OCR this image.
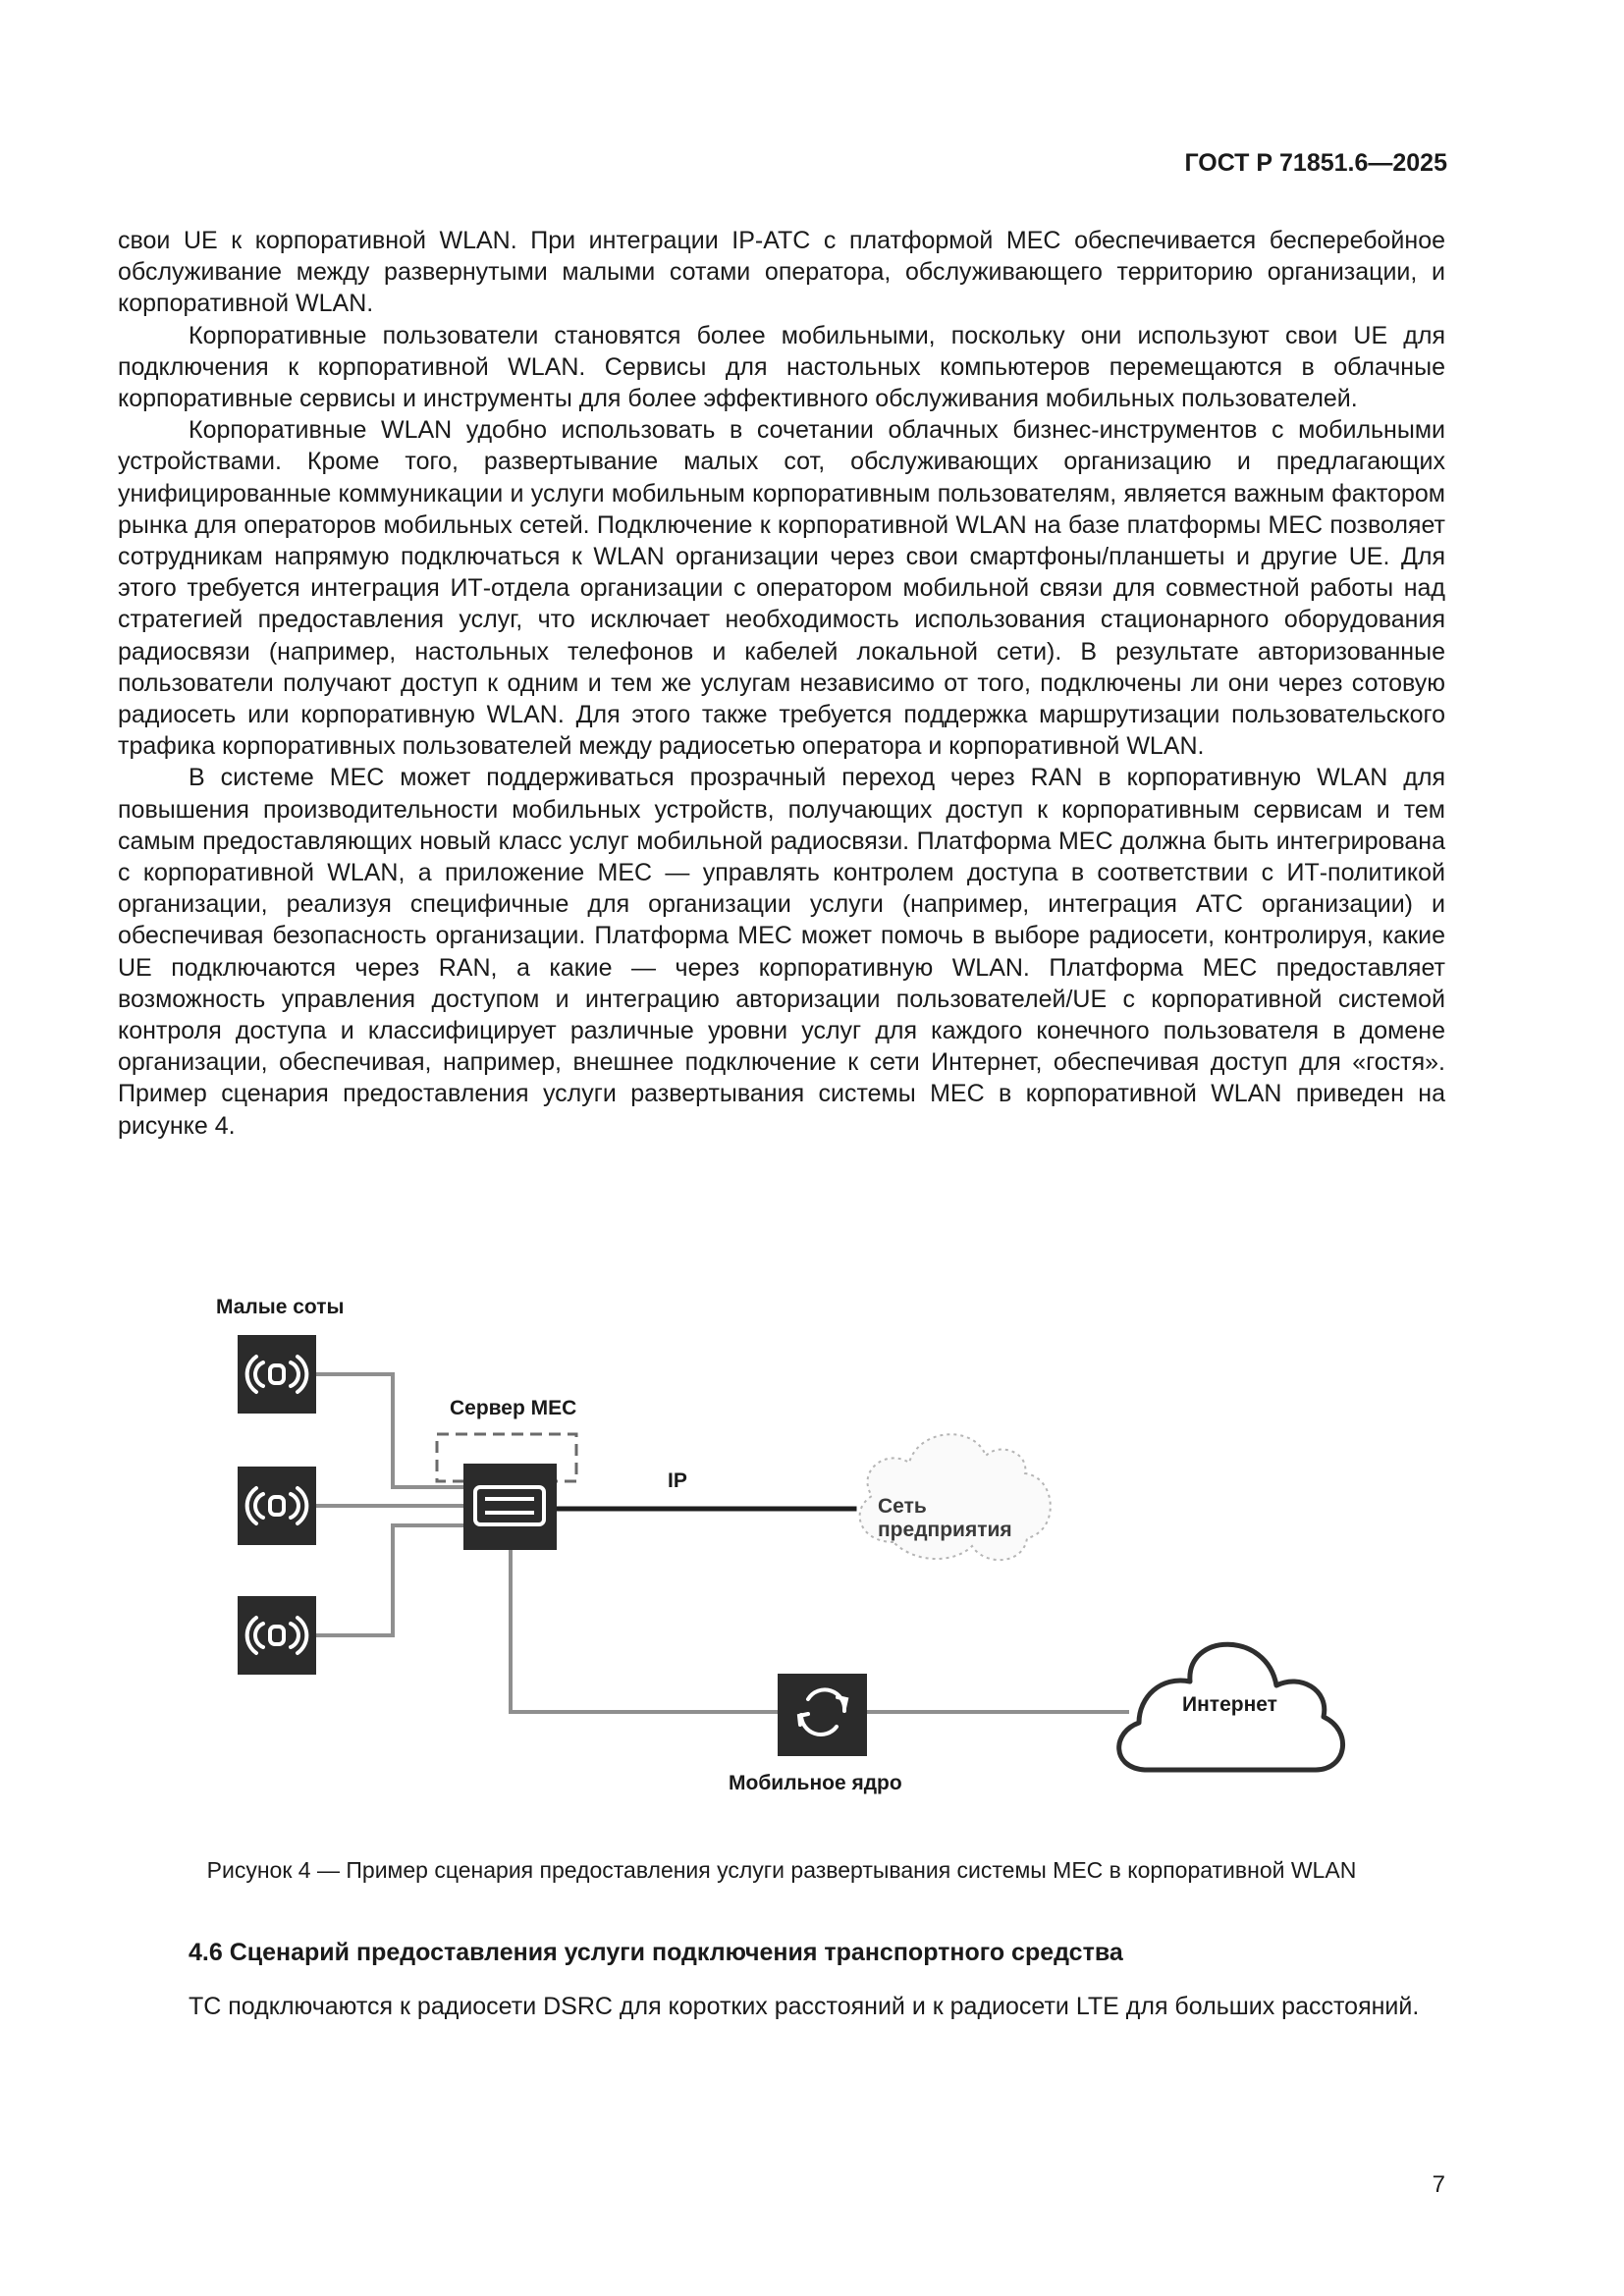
ГОСТ Р 71851.6—2025

свои UE к корпоративной WLAN. При интеграции IP-АТС с платформой MEC обеспечивается бесперебойное обслуживание между развернутыми малыми сотами оператора, обслуживающего территорию организации, и корпоративной WLAN.

Корпоративные пользователи становятся более мобильными, поскольку они используют свои UE для подключения к корпоративной WLAN. Сервисы для настольных компьютеров перемещаются в облачные корпоративные сервисы и инструменты для более эффективного обслуживания мобильных пользователей.

Корпоративные WLAN удобно использовать в сочетании облачных бизнес-инструментов с мобильными устройствами. Кроме того, развертывание малых сот, обслуживающих организацию и предлагающих унифицированные коммуникации и услуги мобильным корпоративным пользователям, является важным фактором рынка для операторов мобильных сетей. Подключение к корпоративной WLAN на базе платформы MEC позволяет сотрудникам напрямую подключаться к WLAN организации через свои смартфоны/планшеты и другие UE. Для этого требуется интеграция ИТ-отдела организации с оператором мобильной связи для совместной работы над стратегией предоставления услуг, что исключает необходимость использования стационарного оборудования радиосвязи (например, настольных телефонов и кабелей локальной сети). В результате авторизованные пользователи получают доступ к одним и тем же услугам независимо от того, подключены ли они через сотовую радиосеть или корпоративную WLAN. Для этого также требуется поддержка маршрутизации пользовательского трафика корпоративных пользователей между радиосетью оператора и корпоративной WLAN.

В системе MEC может поддерживаться прозрачный переход через RAN в корпоративную WLAN для повышения производительности мобильных устройств, получающих доступ к корпоративным сервисам и тем самым предоставляющих новый класс услуг мобильной радиосвязи. Платформа MEC должна быть интегрирована с корпоративной WLAN, а приложение MEC — управлять контролем доступа в соответствии с ИТ-политикой организации, реализуя специфичные для организации услуги (например, интеграция АТС организации) и обеспечивая безопасность организации. Платформа MEC может помочь в выборе радиосети, контролируя, какие UE подключаются через RAN, а какие — через корпоративную WLAN. Платформа MEC предоставляет возможность управления доступом и интеграцию авторизации пользователей/UE с корпоративной системой контроля доступа и классифицирует различные уровни услуг для каждого конечного пользователя в домене организации, обеспечивая, например, внешнее подключение к сети Интернет, обеспечивая доступ для «гостя». Пример сценария предоставления услуги развертывания системы MEC в корпоративной WLAN приведен на рисунке 4.

Малые соты
Сервер MEC
IP
Сеть предприятия
Интернет
Мобильное ядро

Рисунок 4 — Пример сценария предоставления услуги развертывания системы MEC в корпоративной WLAN

4.6 Сценарий предоставления услуги подключения транспортного средства

ТС подключаются к радиосети DSRC для коротких расстояний и к радиосети LTE для больших расстояний.

7
